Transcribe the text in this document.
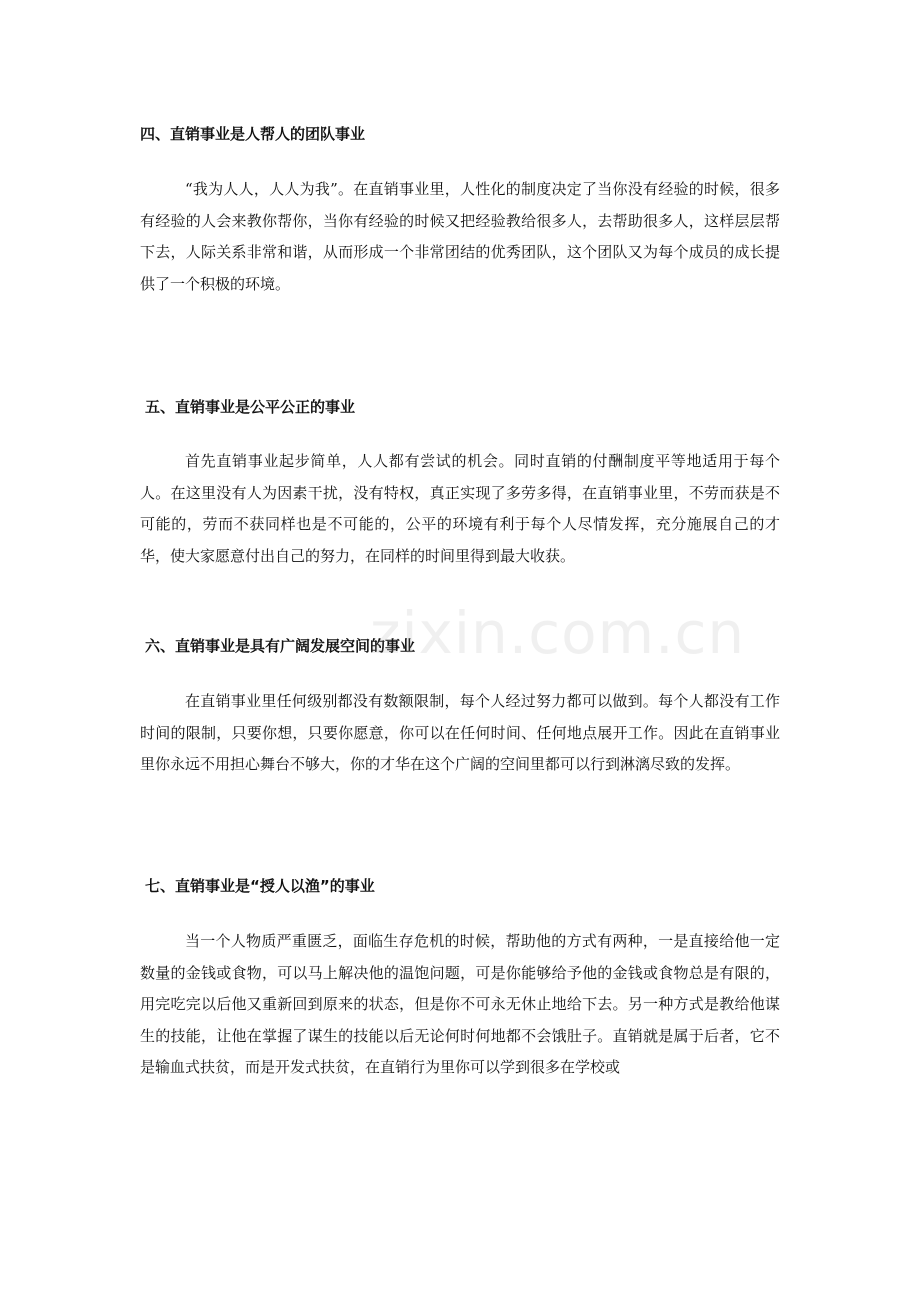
四、直销事业是人帮人的团队事业
“我为人人，人人为我”。在直销事业里，人性化的制度决定了当你没有经验的时候，很多有经验的人会来教你帮你，当你有经验的时候又把经验教给很多人，去帮助很多人，这样层层帮下去，人际关系非常和谐，从而形成一个非常团结的优秀团队，这个团队又为每个成员的成长提供了一个积极的环境。
五、直销事业是公平公正的事业
首先直销事业起步简单，人人都有尝试的机会。同时直销的付酬制度平等地适用于每个人。在这里没有人为因素干扰，没有特权，真正实现了多劳多得，在直销事业里，不劳而获是不可能的，劳而不获同样也是不可能的，公平的环境有利于每个人尽情发挥，充分施展自己的才华，使大家愿意付出自己的努力，在同样的时间里得到最大收获。
六、直销事业是具有广阔发展空间的事业
在直销事业里任何级别都没有数额限制，每个人经过努力都可以做到。每个人都没有工作时间的限制，只要你想，只要你愿意，你可以在任何时间、任何地点展开工作。因此在直销事业里你永远不用担心舞台不够大，你的才华在这个广阔的空间里都可以行到淋漓尽致的发挥。
七、直销事业是“授人以渔”的事业
当一个人物质严重匮乏，面临生存危机的时候，帮助他的方式有两种，一是直接给他一定数量的金钱或食物，可以马上解决他的温饱问题，可是你能够给予他的金钱或食物总是有限的，用完吃完以后他又重新回到原来的状态，但是你不可永无休止地给下去。另一种方式是教给他谋生的技能，让他在掌握了谋生的技能以后无论何时何地都不会饿肚子。直销就是属于后者，它不是输血式扶贫，而是开发式扶贫，在直销行为里你可以学到很多在学校或
zixin.com.cn
